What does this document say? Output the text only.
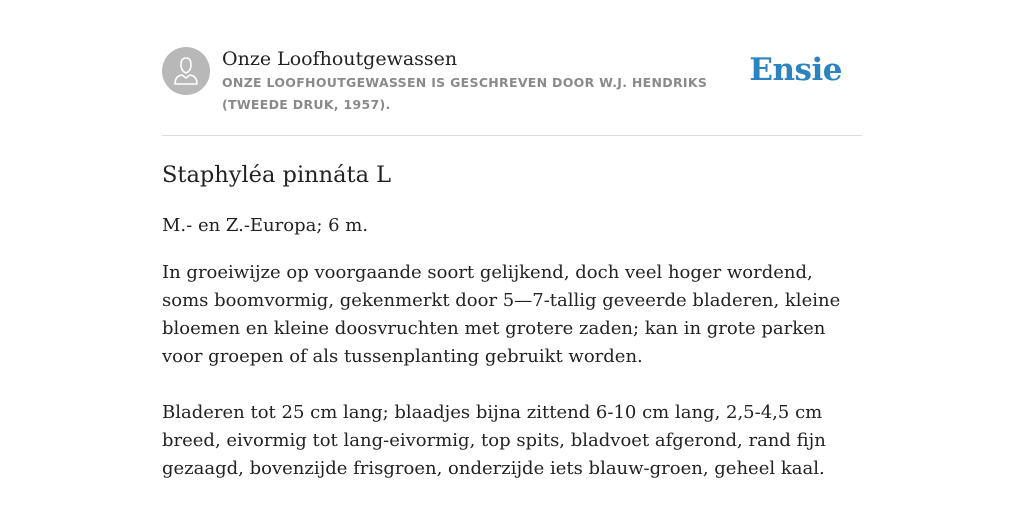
Onze Loofhoutgewassen
ONZE LOOFHOUTGEWASSEN IS GESCHREVEN DOOR W.J. HENDRIKS (TWEEDE DRUK, 1957).
Ensie
Staphyléa pinnáta L

M.- en Z.-Europa; 6 m.

In groeiwijze op voorgaande soort gelijkend, doch veel hoger wordend, soms boomvormig, gekenmerkt door 5—7-tallig geveerde bladeren, kleine bloemen en kleine doosvruchten met grotere zaden; kan in grote parken voor groepen of als tussenplanting gebruikt worden.

Bladeren tot 25 cm lang; blaadjes bijna zittend 6-10 cm lang, 2,5-4,5 cm breed, eivormig tot lang-eivormig, top spits, bladvoet afgerond, rand fijn gezaagd, bovenzijde frisgroen, onderzijde iets blauw-groen, geheel kaal.
